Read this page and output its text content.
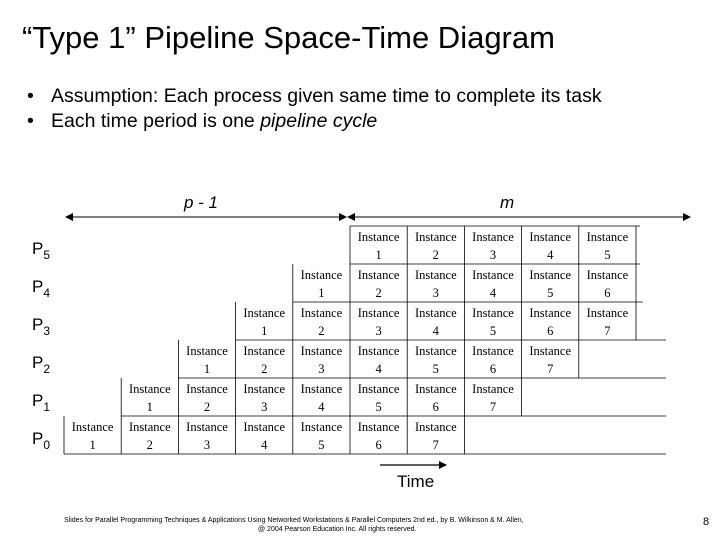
“Type 1” Pipeline Space-Time Diagram
• Assumption: Each process given same time to complete its task
• Each time period is one pipeline cycle
p - 1	m
Instance
1
Instance
2
Instance
3
Instance
4
Instance
5
Instance
1
Instance
2
Instance
3
Instance
4
Instance
5
Instance
6
Instance
1
Instance
2
Instance
3
Instance
4
Instance
5
Instance
6
Instance
7
Instance
1
Instance
2
Instance
3
Instance
4
Instance
5
Instance
6
Instance
7
Instance
1
Instance
2
Instance
3
Instance
4
Instance
5
Instance
6
Instance
7
Instance
1
Instance
2
Instance
3
Instance
4
Instance
5
Instance
6
Instance
7
$P_5$
$P_4$
$P_3$
$P_2$
$P_1$
$P_0$
Time
Slides for Parallel Programming Techniques & Applications Using Networked Workstations & Parallel Computers 2nd ed., by B. Wilkinson & M. Allen,
@ 2004 Pearson Education Inc. All rights reserved.
8
